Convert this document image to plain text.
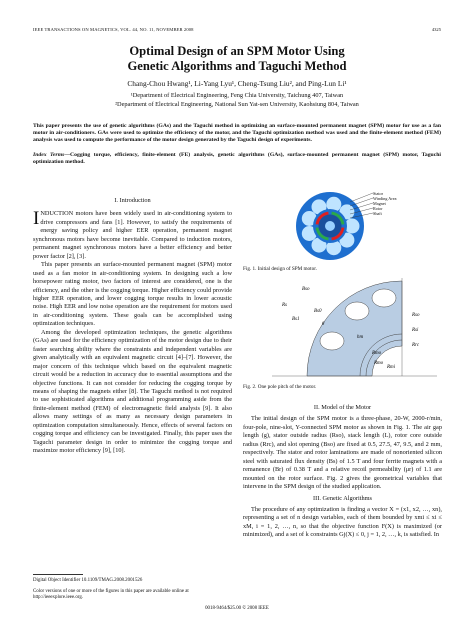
IEEE TRANSACTIONS ON MAGNETICS, VOL. 44, NO. 11, NOVEMBER 2008	4325
Optimal Design of an SPM Motor Using
Genetic Algorithms and Taguchi Method
Chang-Chou Hwang¹, Li-Yang Lyu¹, Cheng-Tsung Liu², and Ping-Lun Li¹
¹Department of Electrical Engineering, Feng Chia University, Taichung 407, Taiwan
²Department of Electrical Engineering, National Sun Yat-sen University, Kaohsiung 804, Taiwan
This paper presents the use of genetic algorithms (GAs) and the Taguchi method in optimizing an surface-mounted permanent magnet (SPM) motor for use as a fan motor in air-conditioners. GAs were used to optimize the efficiency of the motor, and the Taguchi optimization method was used and the finite-element method (FEM) analysis was used to compute the performance of the motor design generated by the Taguchi design of experiments.
Index Terms—Cogging torque, efficiency, finite-element (FE) analysis, genetic algorithms (GAs), surface-mounted permanent magnet (SPM) motor, Taguchi optimization method.
I. Introduction

INDUCTION motors have been widely used in air-conditioning system to drive compressors and fans [1]. However, to satisfy the requirements of energy saving policy and higher EER operation, permanent magnet synchronous motors have become inevitable. Compared to induction motors, permanent magnet synchronous motors have a better efficiency and better power factor [2], [3].

This paper presents an surface-mounted permanent magnet (SPM) motor used as a fan motor in air-conditioning system. In designing such a low horsepower rating motor, two factors of interest are considered, one is the efficiency, and the other is the cogging torque. Higher efficiency could provide higher EER operation, and lower cogging torque results in lower acoustic noise. High EER and low noise operation are the requirement for motors used in air-conditioning system. These goals can be accomplished using optimization techniques.

Among the developed optimization techniques, the genetic algorithms (GAs) are used for the efficiency optimization of the motor design due to their faster searching ability where the constraints and independent variables are given analytically with an equivalent magnetic circuit [4]–[7]. However, the major concern of this technique which based on the equivalent magnetic circuit would be a reduction in accuracy due to essential assumptions and the objective functions. It can not consider for reducing the cogging torque by means of shaping the magnets either [8]. The Taguchi method is not required to use sophisticated algorithms and additional programming aside from the finite-element method (FEM) of electromagnetic field analysis [9]. It also allows many settings of as many as necessary design parameters in optimization computation simultaneously. Hence, effects of several factors on cogging torque and efficiency can be investigated. Finally, this paper uses the Taguchi parameter design in order to minimize the cogging torque and maximize motor efficiency [9], [10].

Digital Object Identifier 10.1109/TMAG.2008.2001526
Color versions of one or more of the figures in this paper are available online at http://ieeexplore.ieee.org.
Stator
Winding Area
Magnet
Rotor
Shaft
Fig. 1. Initial design of SPM motor.
Rs
g
Rsi
Rrc
Rso
Bso
Bs1
Bs0
hm
Rmo
Rmo
Rmi
Fig. 2. One pole pitch of the motor.
II. Model of the Motor

The initial design of the SPM motor is a three-phase, 20-W, 2000-r/min, four-pole, nine-slot, Y-connected SPM motor as shown in Fig. 1. The air gap length (g), stator outside radius (Rso), stack length (L), rotor core outside radius (Rrc), and slot opening (Bso) are fixed at 0.5, 27.5, 47, 9.5, and 2 mm, respectively. The stator and rotor laminations are made of nonoriented silicon steel with saturated flux density (Bs) of 1.5 T and four ferrite magnets with a remanence (Br) of 0.38 T and a relative recoil permeability (μr) of 1.1 are mounted on the rotor surface. Fig. 2 gives the geometrical variables that intervene in the SPM design of the studied application.

III. Genetic Algorithms

The procedure of any optimization is finding a vector X = (x1, x2, …, xn), representing a set of n design variables, each of them bounded by xmi ≤ xi ≤ xM, i = 1, 2, …, n, so that the objective function F(X) is maximized (or minimized), and a set of k constraints Gj(X) ≤ 0, j = 1, 2, …, k, is satisfied. In

0018-9464/$25.00 © 2008 IEEE
